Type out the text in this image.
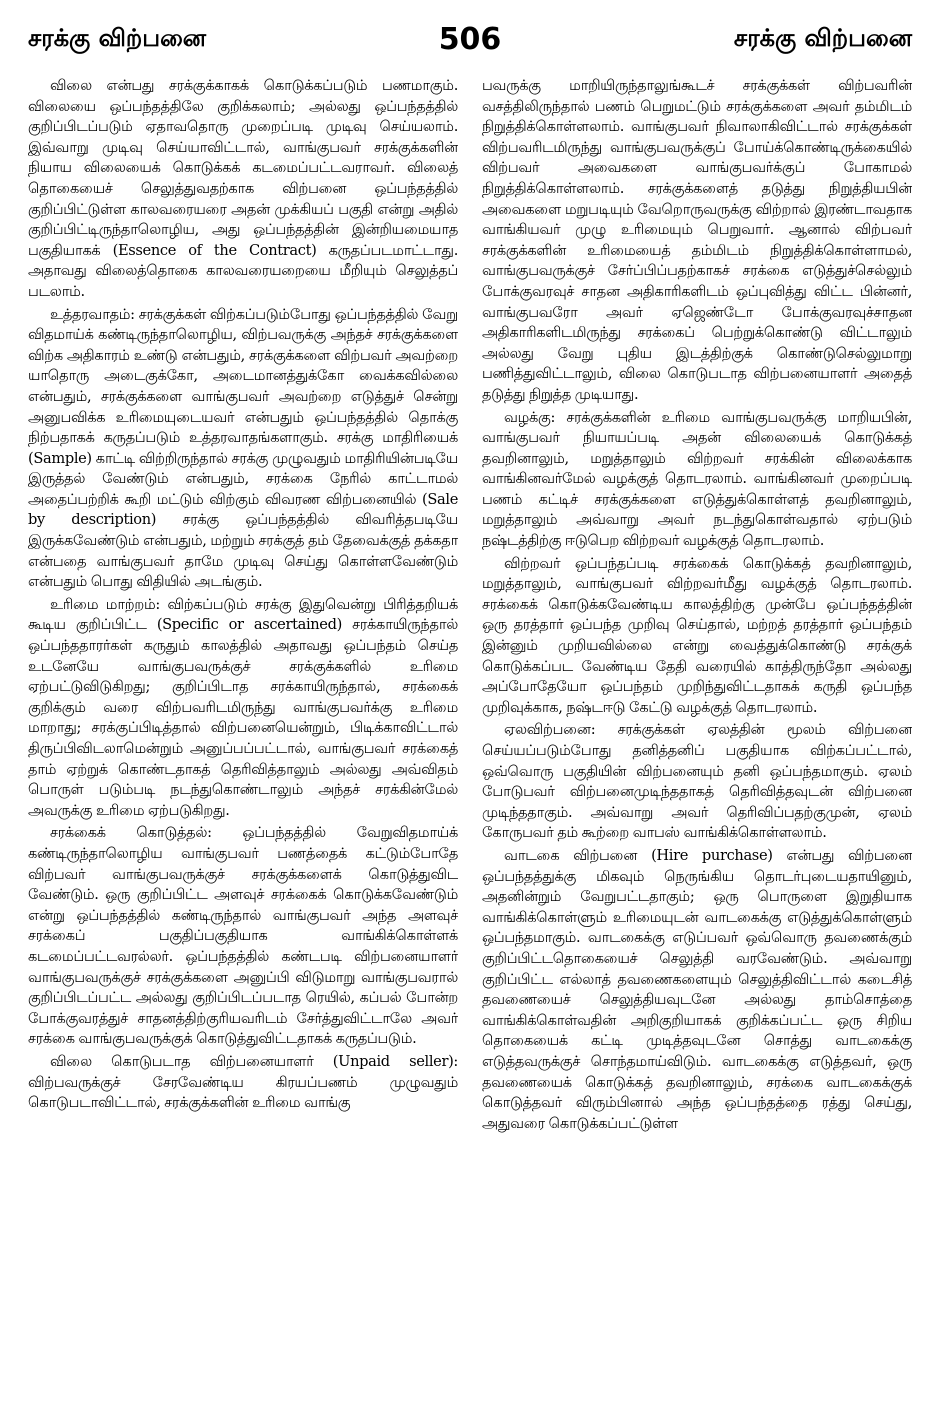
சரக்கு விற்பனை	506	சரக்கு விற்பனை

விலை என்பது சரக்குக்காகக் கொடுக்கப்படும் பணமாகும். விலையை ஒப்பந்தத்திலே குறிக்கலாம்; அல்லது ஒப்பந்தத்தில் குறிப்பிடப்படும் ஏதாவதொரு முறைப்படி முடிவு செய்யலாம். இவ்வாறு முடிவு செய்யாவிட்டால், வாங்குபவர் சரக்குக்களின் நியாய விலையைக் கொடுக்கக் கடமைப்பட்டவராவர். விலைத் தொகையைச் செலுத்துவதற்காக விற்பனை ஒப்பந்தத்தில் குறிப்பிட்டுள்ள காலவரையரை அதன் முக்கியப் பகுதி என்று அதில் குறிப்பிட்டிருந்தாலொழிய, அது ஒப்பந்தத்தின் இன்றியமையாத பகுதியாகக் (Essence of the Contract) கருதப்படமாட்டாது. அதாவது விலைத்தொகை காலவரையறையை மீறியும் செலுத்தப் படலாம்.

உத்தரவாதம்: சரக்குக்கள் விற்கப்படும்போது ஒப்பந்தத்தில் வேறு விதமாய்க் கண்டிருந்தாலொழிய, விற்பவருக்கு அந்தச் சரக்குக்களை விற்க அதிகாரம் உண்டு என்பதும், சரக்குக்களை விற்பவர் அவற்றை யாதொரு அடைகுக்கோ, அடைமானத்துக்கோ வைக்கவில்லை என்பதும், சரக்குக்களை வாங்குபவர் அவற்றை எடுத்துச் சென்று அனுபவிக்க உரிமையுடையவர் என்பதும் ஒப்பந்தத்தில் தொக்கு நிற்பதாகக் கருதப்படும் உத்தரவாதங்களாகும். சரக்கு மாதிரியைக் (Sample) காட்டி விற்றிருந்தால் சரக்கு முழுவதும் மாதிரியின்படியே இருத்தல் வேண்டும் என்பதும், சரக்கை நேரில் காட்டாமல் அதைப்பற்றிக் கூறி மட்டும் விற்கும் விவரண விற்பனையில் (Sale by description) சரக்கு ஒப்பந்தத்தில் விவரித்தபடியே இருக்கவேண்டும் என்பதும், மற்றும் சரக்குத் தம் தேவைக்குத் தக்கதா என்பதை வாங்குபவர் தாமே முடிவு செய்து கொள்ளவேண்டும் என்பதும் பொது விதியில் அடங்கும்.

உரிமை மாற்றம்: விற்கப்படும் சரக்கு இதுவென்று பிரித்தறியக் கூடிய குறிப்பிட்ட (Specific or ascertained) சரக்காயிருந்தால் ஒப்பந்ததாரர்கள் கருதும் காலத்தில் அதாவது ஒப்பந்தம் செய்த உடனேயே வாங்குபவருக்குச் சரக்குக்களில் உரிமை ஏற்பட்டுவிடுகிறது; குறிப்பிடாத சரக்காயிருந்தால், சரக்கைக் குறிக்கும் வரை விற்பவரிடமிருந்து வாங்குபவர்க்கு உரிமை மாறாது; சரக்குப்பிடித்தால் விற்பனையென்றும், பிடிக்காவிட்டால் திருப்பிவிடலாமென்றும் அனுப்பப்பட்டால், வாங்குபவர் சரக்கைத் தாம் ஏற்றுக் கொண்டதாகத் தெரிவித்தாலும் அல்லது அவ்விதம் பொருள் படும்படி நடந்துகொண்டாலும் அந்தச் சரக்கின்மேல் அவருக்கு உரிமை ஏற்படுகிறது.

சரக்கைக் கொடுத்தல்: ஒப்பந்தத்தில் வேறுவிதமாய்க் கண்டிருந்தாலொழிய வாங்குபவர் பணத்தைக் கட்டும்போதே விற்பவர் வாங்குபவருக்குச் சரக்குக்களைக் கொடுத்துவிட வேண்டும். ஒரு குறிப்பிட்ட அளவுச் சரக்கைக் கொடுக்கவேண்டும் என்று ஒப்பந்தத்தில் கண்டிருந்தால் வாங்குபவர் அந்த அளவுச் சரக்கைப் பகுதிப்பகுதியாக வாங்கிக்கொள்ளக் கடமைப்பட்டவரல்லர். ஒப்பந்தத்தில் கண்டபடி விற்பனையாளர் வாங்குபவருக்குச் சரக்குக்களை அனுப்பி விடுமாறு வாங்குபவரால் குறிப்பிடப்பட்ட அல்லது குறிப்பிடப்படாத ரெயில், கப்பல் போன்ற போக்குவரத்துச் சாதனத்திற்குரியவரிடம் சேர்த்துவிட்டாலே அவர் சரக்கை வாங்குபவருக்குக் கொடுத்துவிட்டதாகக் கருதப்படும்.

விலை கொடுபடாத விற்பனையாளர் (Unpaid seller): விற்பவருக்குச் சேரவேண்டிய கிரயப்பணம் முழுவதும் கொடுபடாவிட்டால், சரக்குக்களின் உரிமை வாங்கு

பவருக்கு மாறியிருந்தாலுங்கூடச் சரக்குக்கள் விற்பவரின் வசத்திலிருந்தால் பணம் பெறுமட்டும் சரக்குக்களை அவர் தம்மிடம் நிறுத்திக்கொள்ளலாம். வாங்குபவர் நிவாலாகிவிட்டால் சரக்குக்கள் விற்பவரிடமிருந்து வாங்குபவருக்குப் போய்க்கொண்டிருக்கையில் விற்பவர் அவைகளை வாங்குபவர்க்குப் போகாமல் நிறுத்திக்கொள்ளலாம். சரக்குக்களைத் தடுத்து நிறுத்தியபின் அவைகளை மறுபடியும் வேறொருவருக்கு விற்றால் இரண்டாவதாக வாங்கியவர் முழு உரிமையும் பெறுவார். ஆனால் விற்பவர் சரக்குக்களின் உரிமையைத் தம்மிடம் நிறுத்திக்கொள்ளாமல், வாங்குபவருக்குச் சேர்ப்பிப்பதற்காகச் சரக்கை எடுத்துச்செல்லும் போக்குவரவுச் சாதன அதிகாரிகளிடம் ஒப்புவித்து விட்ட பின்னர், வாங்குபவரோ அவர் ஏஜெண்டோ போக்குவரவுச்சாதன அதிகாரிகளிடமிருந்து சரக்கைப் பெற்றுக்கொண்டு விட்டாலும் அல்லது வேறு புதிய இடத்திற்குக் கொண்டுசெல்லுமாறு பணித்துவிட்டாலும், விலை கொடுபடாத விற்பனையாளர் அதைத் தடுத்து நிறுத்த முடியாது.

வழக்கு: சரக்குக்களின் உரிமை வாங்குபவருக்கு மாறியபின், வாங்குபவர் நியாயப்படி அதன் விலையைக் கொடுக்கத் தவறினாலும், மறுத்தாலும் விற்றவர் சரக்கின் விலைக்காக வாங்கினவர்மேல் வழக்குத் தொடரலாம். வாங்கினவர் முறைப்படி பணம் கட்டிச் சரக்குக்களை எடுத்துக்கொள்ளத் தவறினாலும், மறுத்தாலும் அவ்வாறு அவர் நடந்துகொள்வதால் ஏற்படும் நஷ்டத்திற்கு ஈடுபெற விற்றவர் வழக்குத் தொடரலாம்.

விற்றவர் ஒப்பந்தப்படி சரக்கைக் கொடுக்கத் தவறினாலும், மறுத்தாலும், வாங்குபவர் விற்றவர்மீது வழக்குத் தொடரலாம். சரக்கைக் கொடுக்கவேண்டிய காலத்திற்கு முன்பே ஒப்பந்தத்தின் ஒரு தரத்தார் ஒப்பந்த முறிவு செய்தால், மற்றத் தரத்தார் ஒப்பந்தம் இன்னும் முறியவில்லை என்று வைத்துக்கொண்டு சரக்குக் கொடுக்கப்பட வேண்டிய தேதி வரையில் காத்திருந்தோ அல்லது அப்போதேயோ ஒப்பந்தம் முறிந்துவிட்டதாகக் கருதி ஒப்பந்த முறிவுக்காக, நஷ்டஈடு கேட்டு வழக்குத் தொடரலாம்.

ஏலவிற்பனை: சரக்குக்கள் ஏலத்தின் மூலம் விற்பனை செய்யப்படும்போது தனித்தனிப் பகுதியாக விற்கப்பட்டால், ஒவ்வொரு பகுதியின் விற்பனையும் தனி ஒப்பந்தமாகும். ஏலம் போடுபவர் விற்பனைமுடிந்ததாகத் தெரிவித்தவுடன் விற்பனை முடிந்ததாகும். அவ்வாறு அவர் தெரிவிப்பதற்குமுன், ஏலம் கோருபவர் தம் கூற்றை வாபஸ் வாங்கிக்கொள்ளலாம்.

வாடகை விற்பனை (Hire purchase) என்பது விற்பனை ஒப்பந்தத்துக்கு மிகவும் நெருங்கிய தொடர்புடையதாயினும், அதனின்றும் வேறுபட்டதாகும்; ஒரு பொருளை இறுதியாக வாங்கிக்கொள்ளும் உரிமையுடன் வாடகைக்கு எடுத்துக்கொள்ளும் ஒப்பந்தமாகும். வாடகைக்கு எடுப்பவர் ஒவ்வொரு தவணைக்கும் குறிப்பிட்டதொகையைச் செலுத்தி வரவேண்டும். அவ்வாறு குறிப்பிட்ட எல்லாத் தவணைகளையும் செலுத்திவிட்டால் கடைசித் தவணையைச் செலுத்தியவுடனே அல்லது தாம்சொத்தை வாங்கிக்கொள்வதின் அறிகுறியாகக் குறிக்கப்பட்ட ஒரு சிறிய தொகையைக் கட்டி முடித்தவுடனே சொத்து வாடகைக்கு எடுத்தவருக்குச் சொந்தமாய்விடும். வாடகைக்கு எடுத்தவர், ஒரு தவணையைக் கொடுக்கத் தவறினாலும், சரக்கை வாடகைக்குக் கொடுத்தவர் விரும்பினால் அந்த ஒப்பந்தத்தை ரத்து செய்து, அதுவரை கொடுக்கப்பட்டுள்ள
